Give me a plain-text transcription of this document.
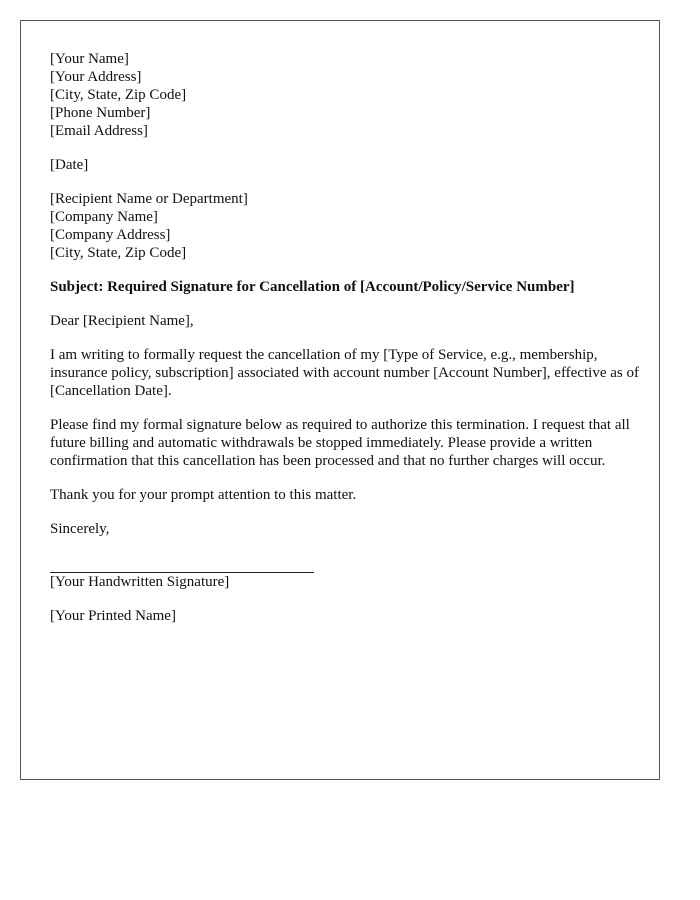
[Your Name]

[Your Address]

[City, State, Zip Code]

[Phone Number]

[Email Address]

[Date]

[Recipient Name or Department]

[Company Name]

[Company Address]

[City, State, Zip Code]

Subject: Required Signature for Cancellation of [Account/Policy/Service Number]

Dear [Recipient Name],

I am writing to formally request the cancellation of my [Type of Service, e.g., membership, insurance policy, subscription] associated with account number [Account Number], effective as of [Cancellation Date].

Please find my formal signature below as required to authorize this termination. I request that all future billing and automatic withdrawals be stopped immediately. Please provide a written confirmation that this cancellation has been processed and that no further charges will occur.

Thank you for your prompt attention to this matter.

Sincerely,

[Your Handwritten Signature]

[Your Printed Name]
